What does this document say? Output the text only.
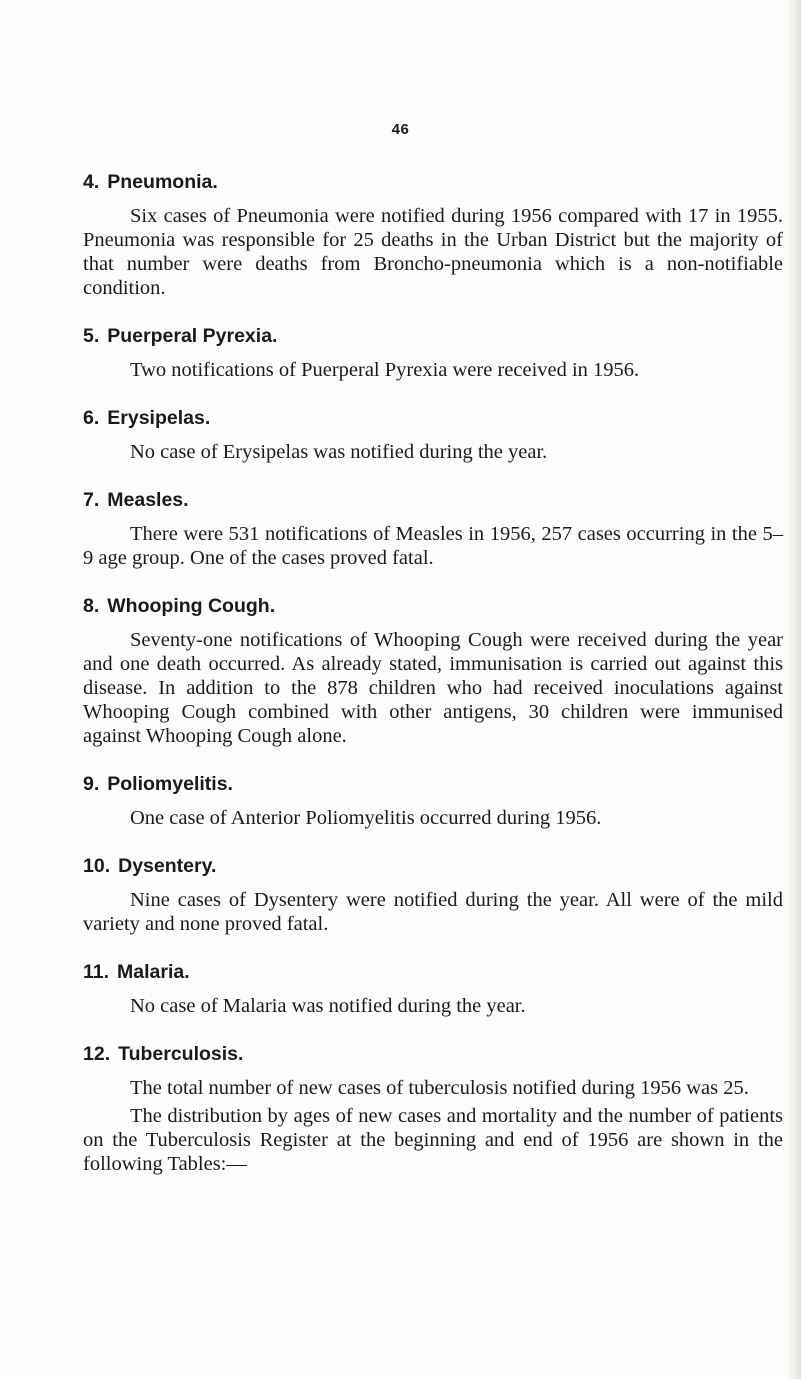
46
4. Pneumonia.

Six cases of Pneumonia were notified during 1956 compared with 17 in 1955. Pneumonia was responsible for 25 deaths in the Urban District but the majority of that number were deaths from Broncho-pneumonia which is a non-notifiable condition.

5. Puerperal Pyrexia.

Two notifications of Puerperal Pyrexia were received in 1956.

6. Erysipelas.

No case of Erysipelas was notified during the year.

7. Measles.

There were 531 notifications of Measles in 1956, 257 cases occurring in the 5–9 age group. One of the cases proved fatal.

8. Whooping Cough.

Seventy-one notifications of Whooping Cough were received during the year and one death occurred. As already stated, immunisation is carried out against this disease. In addition to the 878 children who had received inoculations against Whooping Cough combined with other antigens, 30 children were immunised against Whooping Cough alone.

9. Poliomyelitis.

One case of Anterior Poliomyelitis occurred during 1956.

10. Dysentery.

Nine cases of Dysentery were notified during the year. All were of the mild variety and none proved fatal.

11. Malaria.

No case of Malaria was notified during the year.

12. Tuberculosis.

The total number of new cases of tuberculosis notified during 1956 was 25.

The distribution by ages of new cases and mortality and the number of patients on the Tuberculosis Register at the beginning and end of 1956 are shown in the following Tables:—
